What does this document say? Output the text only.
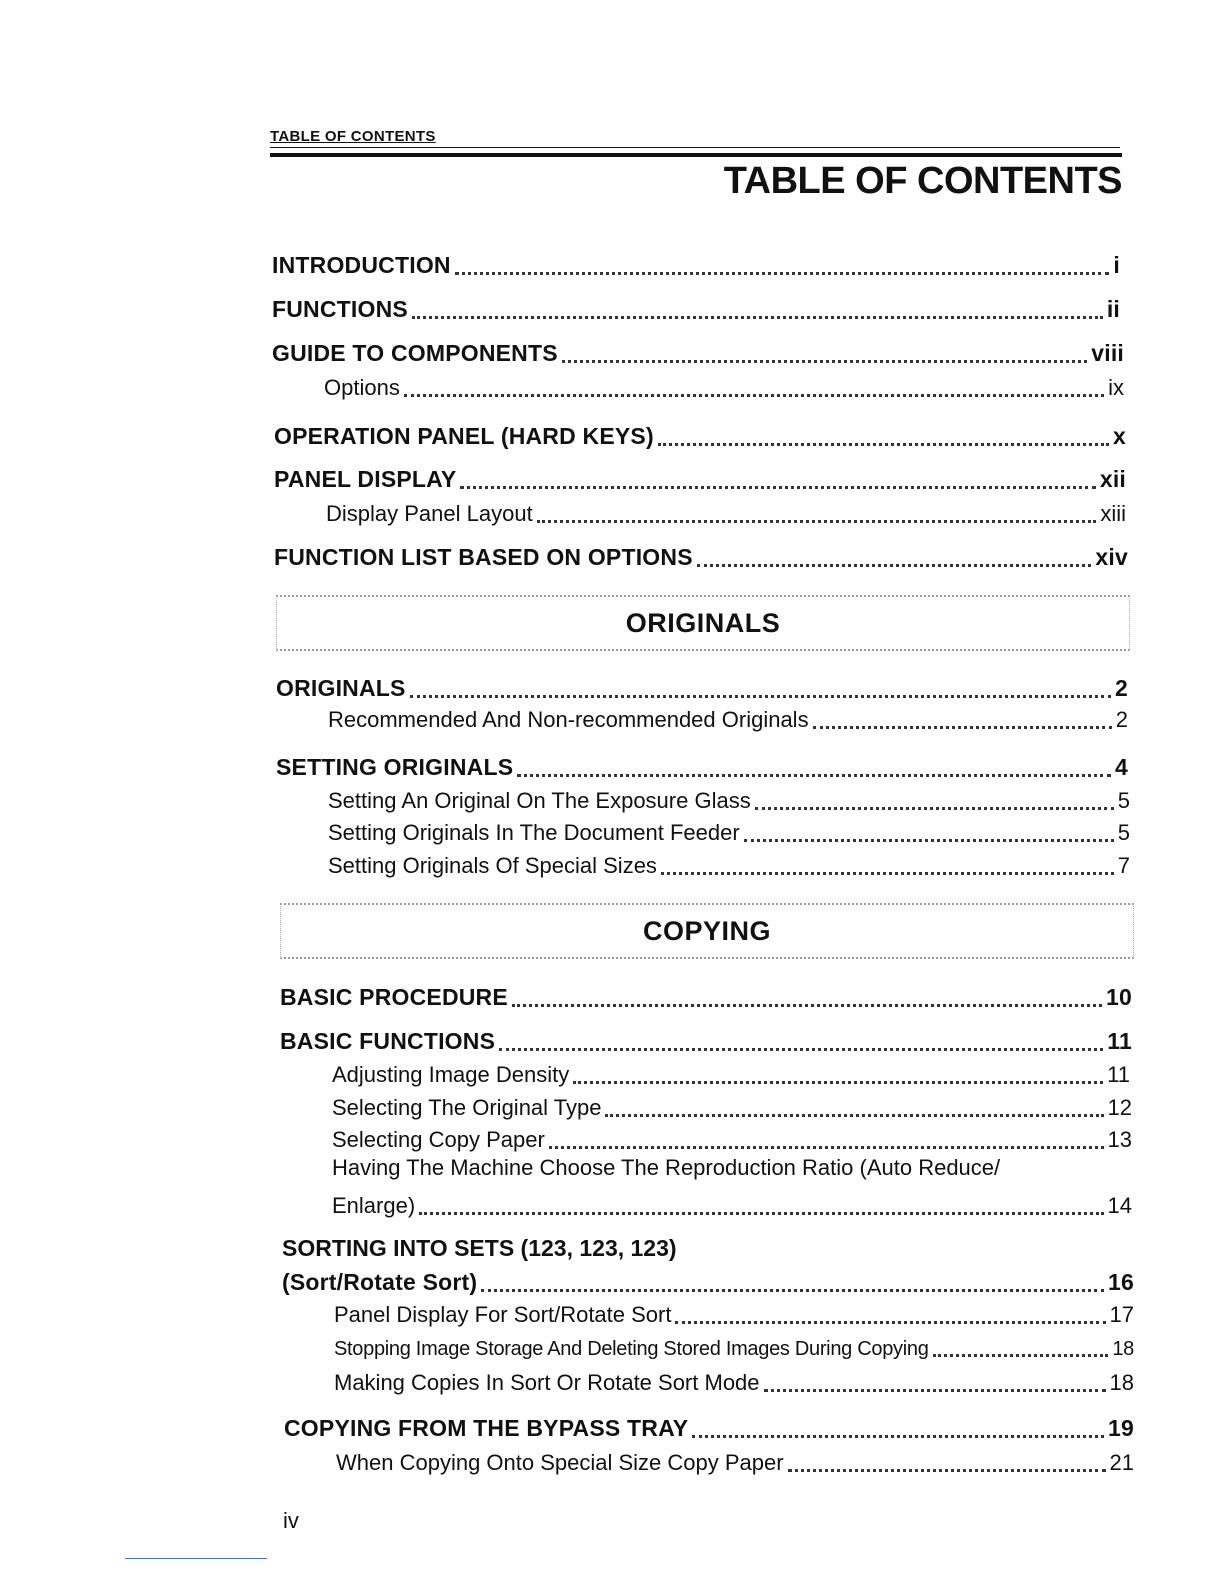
TABLE OF CONTENTS
TABLE OF CONTENTS
INTRODUCTION	i
FUNCTIONS	ii
GUIDE TO COMPONENTS	viii
Options	ix
OPERATION PANEL (HARD KEYS)	x
PANEL DISPLAY	xii
Display Panel Layout	xiii
FUNCTION LIST BASED ON OPTIONS	xiv
ORIGINALS
ORIGINALS	2
Recommended And Non-recommended Originals	2
SETTING ORIGINALS	4
Setting An Original On The Exposure Glass	5
Setting Originals In The Document Feeder	5
Setting Originals Of Special Sizes	7
COPYING
BASIC PROCEDURE	10
BASIC FUNCTIONS	11
Adjusting Image Density	11
Selecting The Original Type	12
Selecting Copy Paper	13
Having The Machine Choose The Reproduction Ratio (Auto Reduce/
Enlarge)	14
SORTING INTO SETS (123, 123, 123)
(Sort/Rotate Sort)	16
Panel Display For Sort/Rotate Sort	17
Stopping Image Storage And Deleting Stored Images During Copying	18
Making Copies In Sort Or Rotate Sort Mode	18
COPYING FROM THE BYPASS TRAY	19
When Copying Onto Special Size Copy Paper	21
iv
